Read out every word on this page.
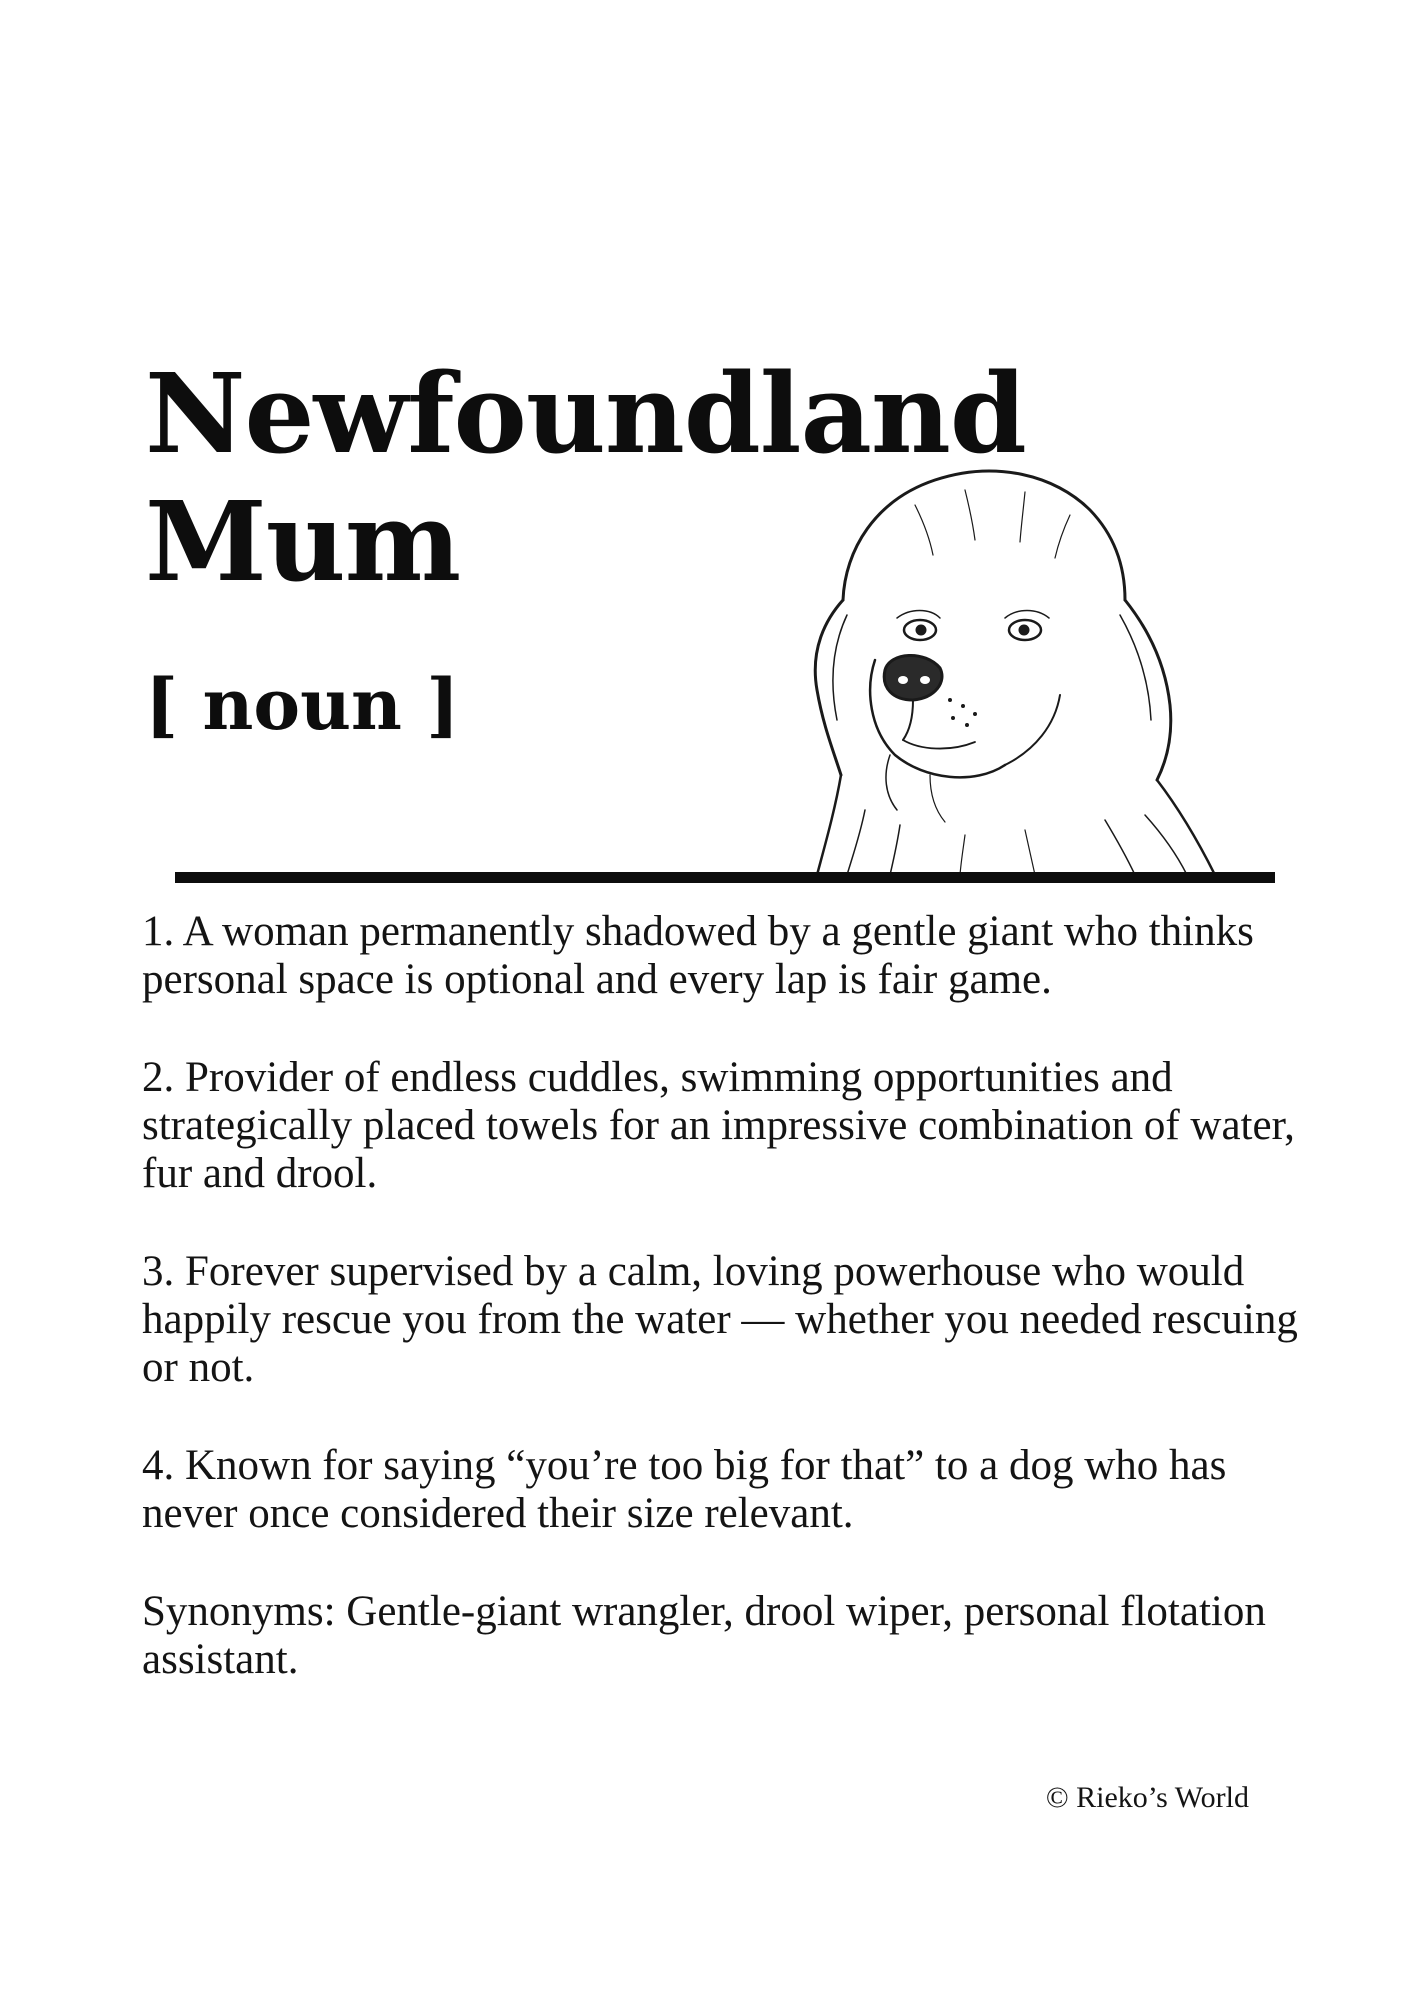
Newfoundland
Mum
[ noun ]

1. A woman permanently shadowed by a gentle giant who thinks personal space is optional and every lap is fair game.

2. Provider of endless cuddles, swimming opportunities and strategically placed towels for an impressive combination of water, fur and drool.

3. Forever supervised by a calm, loving powerhouse who would happily rescue you from the water — whether you needed rescuing or not.

4. Known for saying “you’re too big for that” to a dog who has never once considered their size relevant.

Synonyms: Gentle-giant wrangler, drool wiper, personal flotation assistant.

© Rieko’s World
